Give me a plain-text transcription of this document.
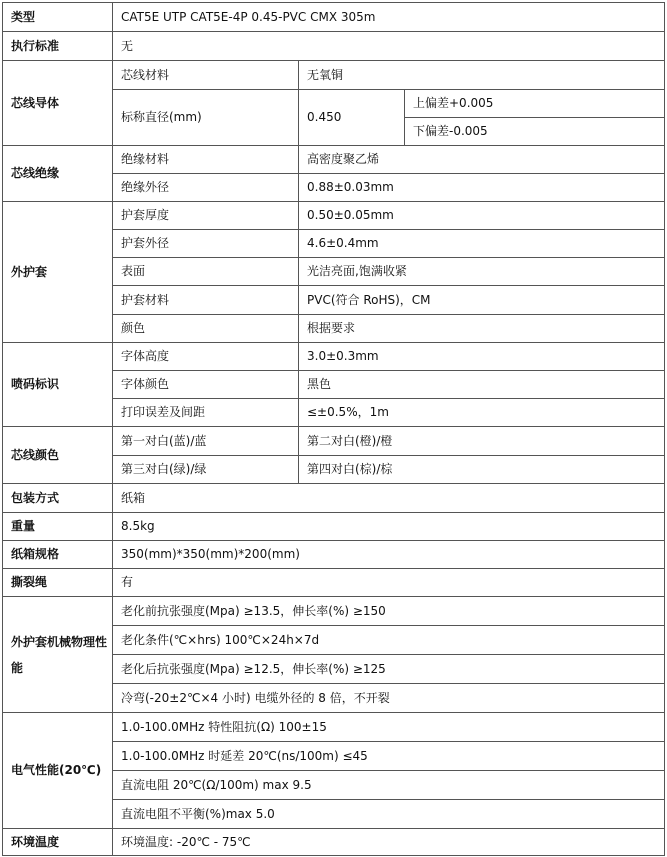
类型	CAT5E UTP CAT5E-4P 0.45-PVC CMX 305m		
执行标准	无		
芯线导体	芯线材料	无氧铜	
	标称直径(mm)	0.450	上偏差+0.005
			下偏差-0.005
芯线绝缘	绝缘材料	高密度聚乙烯	
	绝缘外径	0.88±0.03mm	
外护套	护套厚度	0.50±0.05mm	
	护套外径	4.6±0.4mm	
	表面	光洁亮面,饱满收紧	
	护套材料	PVC(符合 RoHS)，CM	
	颜色	根据要求	
喷码标识	字体高度	3.0±0.3mm	
	字体颜色	黑色	
	打印误差及间距	≤±0.5%，1m	
芯线颜色	第一对白(蓝)/蓝	第二对白(橙)/橙	
	第三对白(绿)/绿	第四对白(棕)/棕	
包装方式	纸箱		
重量	8.5kg		
纸箱规格	350(mm)*350(mm)*200(mm)		
撕裂绳	有		
外护套机械物理性能	老化前抗张强度(Mpa) ≥13.5，伸长率(%) ≥150		
	老化条件(℃×hrs) 100℃×24h×7d		
	老化后抗张强度(Mpa) ≥12.5，伸长率(%) ≥125		
	冷弯(-20±2℃×4 小时) 电缆外径的 8 倍，不开裂		
电气性能(20℃)	1.0-100.0MHz 特性阻抗(Ω) 100±15		
	1.0-100.0MHz 时延差 20℃(ns/100m) ≤45		
	直流电阻 20℃(Ω/100m) max 9.5		
	直流电阻不平衡(%)max 5.0		
环境温度	环境温度: -20℃ - 75℃		
